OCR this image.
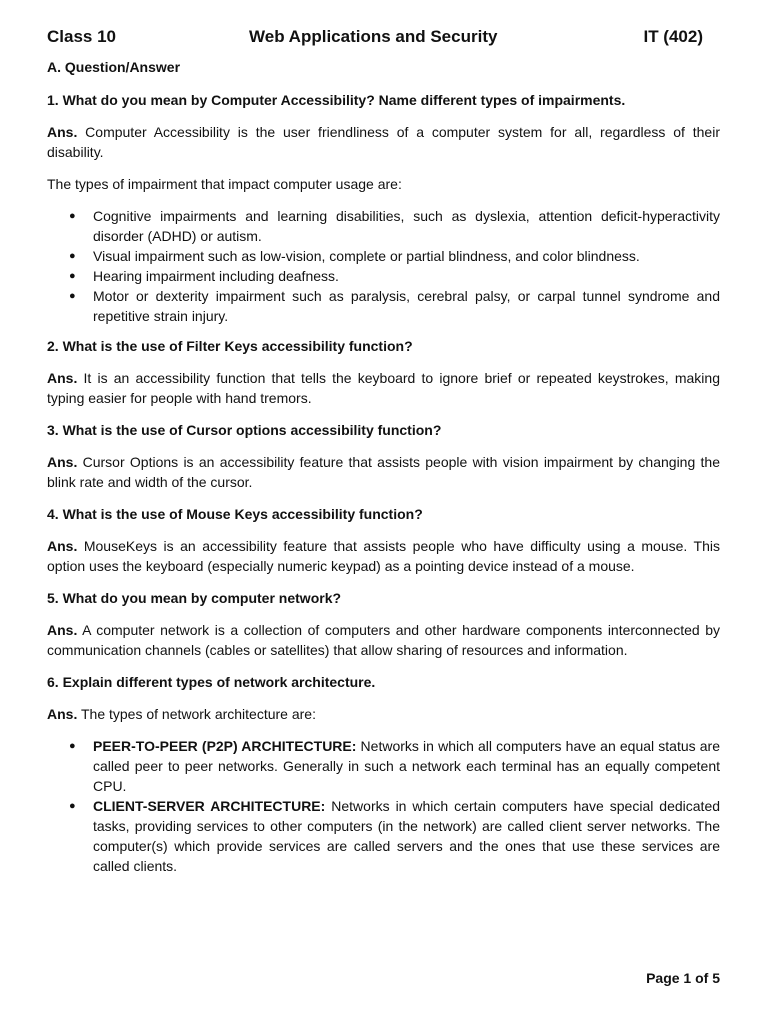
Class 10	Web Applications and Security	IT (402)
A. Question/Answer
1. What do you mean by Computer Accessibility? Name different types of impairments.
Ans. Computer Accessibility is the user friendliness of a computer system for all, regardless of their disability.

The types of impairment that impact computer usage are:

● Cognitive impairments and learning disabilities, such as dyslexia, attention deficit-hyperactivity disorder (ADHD) or autism.
● Visual impairment such as low-vision, complete or partial blindness, and color blindness.
● Hearing impairment including deafness.
● Motor or dexterity impairment such as paralysis, cerebral palsy, or carpal tunnel syndrome and repetitive strain injury.
2. What is the use of Filter Keys accessibility function?
Ans. It is an accessibility function that tells the keyboard to ignore brief or repeated keystrokes, making typing easier for people with hand tremors.
3. What is the use of Cursor options accessibility function?
Ans. Cursor Options is an accessibility feature that assists people with vision impairment by changing the blink rate and width of the cursor.
4. What is the use of Mouse Keys accessibility function?
Ans. MouseKeys is an accessibility feature that assists people who have difficulty using a mouse. This option uses the keyboard (especially numeric keypad) as a pointing device instead of a mouse.
5. What do you mean by computer network?
Ans. A computer network is a collection of computers and other hardware components interconnected by communication channels (cables or satellites) that allow sharing of resources and information.
6. Explain different types of network architecture.
Ans. The types of network architecture are:
● PEER-TO-PEER (P2P) ARCHITECTURE: Networks in which all computers have an equal status are called peer to peer networks. Generally in such a network each terminal has an equally competent CPU.
● CLIENT-SERVER ARCHITECTURE: Networks in which certain computers have special dedicated tasks, providing services to other computers (in the network) are called client server networks. The computer(s) which provide services are called servers and the ones that use these services are called clients.
Page 1 of 5
